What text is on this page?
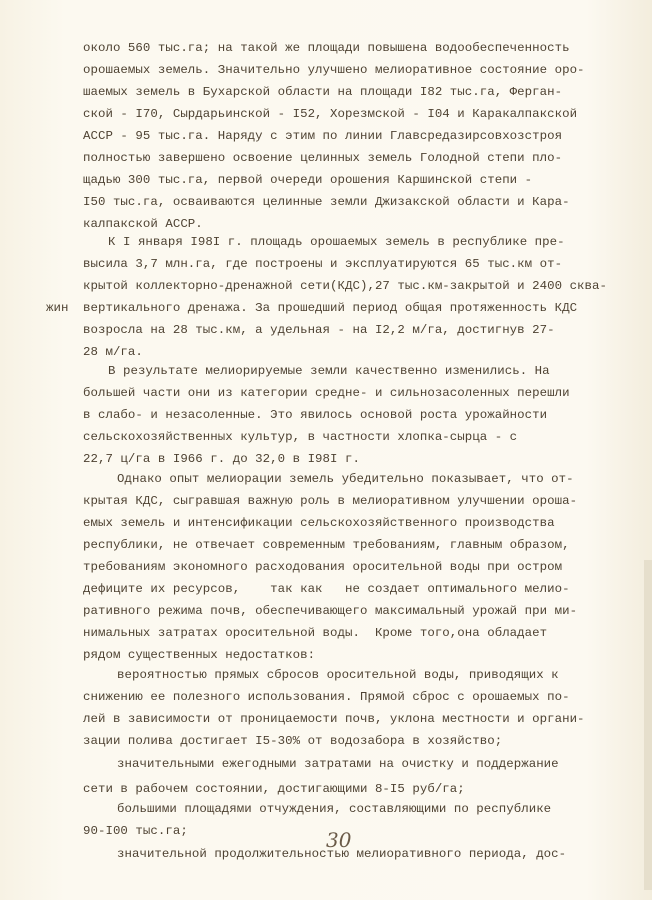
около 560 тыс.га; на такой же площади повышена водообеспеченность
орошаемых земель. Значительно улучшено мелиоративное состояние оро-
шаемых земель в Бухарской области на площади I82 тыс.га, Ферган-
ской - I70, Сырдарьинской - I52, Хорезмской - I04 и Каракалпакской
АССР - 95 тыс.га. Наряду с этим по линии Главсредазирсовхозстроя
полностью завершено освоение целинных земель Голодной степи пло-
щадью 300 тыс.га, первой очереди орошения Каршинской степи -
I50 тыс.га, осваиваются целинные земли Джизакской области и Кара-
калпакской АССР.
К I января I98I г. площадь орошаемых земель в республике пре-
высила 3,7 млн.га, где построены и эксплуатируются 65 тыс.км от-
крытой коллекторно-дренажной сети(КДС),27 тыс.км-закрытой и 2400 сква-
жин вертикального дренажа. За прошедший период общая протяженность КДС
возросла на 28 тыс.км, а удельная - на I2,2 м/га, достигнув 27-
28 м/га.
В результате мелиорируемые земли качественно изменились. На
большей части они из категории средне- и сильнозасоленных перешли
в слабо- и незасоленные. Это явилось основой роста урожайности
сельскохозяйственных культур, в частности хлопка-сырца - с
22,7 ц/га в I966 г. до 32,0 в I98I г.
Однако опыт мелиорации земель убедительно показывает, что от-
крытая КДС, сыгравшая важную роль в мелиоративном улучшении ороша-
емых земель и интенсификации сельскохозяйственного производства
республики, не отвечает современным требованиям, главным образом,
требованиям экономного расходования оросительной воды при остром
дефиците их ресурсов,    так как   не создает оптимального мелио-
ративного режима почв, обеспечивающего максимальный урожай при ми-
нимальных затратах оросительной воды.  Кроме того,она обладает
рядом существенных недостатков:
вероятностью прямых сбросов оросительной воды, приводящих к
снижению ее полезного использования. Прямой сброс с орошаемых по-
лей в зависимости от проницаемости почв, уклона местности и органи-
зации полива достигает I5-30% от водозабора в хозяйство;
значительными ежегодными затратами на очистку и поддержание
сети в рабочем состоянии, достигающими 8-I5 руб/га;
большими площадями отчуждения, составляющими по республике
90-I00 тыс.га;
значительной продолжительностью мелиоративного периода, дос-
30
